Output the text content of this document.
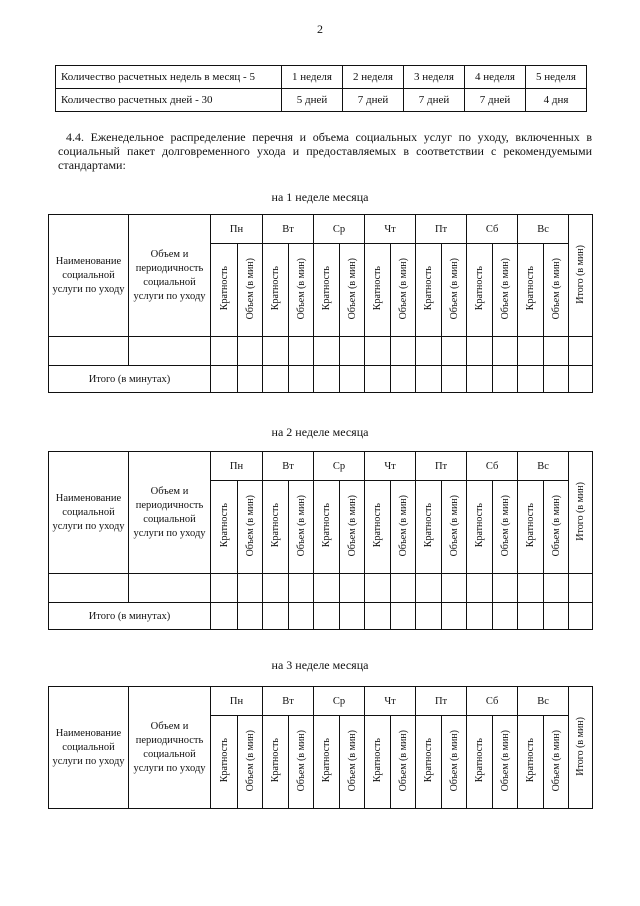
2
Количество расчетных недель в месяц - 5	1 неделя	2 неделя	3 неделя	4 неделя	5 неделя
Количество расчетных дней - 30	5 дней	7 дней	7 дней	7 дней	4 дня
4.4. Еженедельное распределение перечня и объема социальных услуг по уходу, включенных в социальный пакет долговременного ухода и предоставляемых в соответствии с рекомендуемыми стандартами:
на 1 неделе месяца
Наименование социальной услуги по уходу	Объем и периодичность социальной услуги по уходу	Пн		Вт		Ср		Чт		Пт		Сб		Вс		Итого (в мин)
		Кратность	Объем (в мин)	Кратность	Объем (в мин)	Кратность	Объем (в мин)	Кратность	Объем (в мин)	Кратность	Объем (в мин)	Кратность	Объем (в мин)	Кратность	Объем (в мин)	

Итого (в минутах)																
на 2 неделе месяца
Наименование социальной услуги по уходу	Объем и периодичность социальной услуги по уходу	Пн		Вт		Ср		Чт		Пт		Сб		Вс		Итого (в мин)
		Кратность	Объем (в мин)	Кратность	Объем (в мин)	Кратность	Объем (в мин)	Кратность	Объем (в мин)	Кратность	Объем (в мин)	Кратность	Объем (в мин)	Кратность	Объем (в мин)	

Итого (в минутах)																
на 3 неделе месяца
Наименование социальной услуги по уходу	Объем и периодичность социальной услуги по уходу	Пн		Вт		Ср		Чт		Пт		Сб		Вс		Итого (в мин)
		Кратность	Объем (в мин)	Кратность	Объем (в мин)	Кратность	Объем (в мин)	Кратность	Объем (в мин)	Кратность	Объем (в мин)	Кратность	Объем (в мин)	Кратность	Объем (в мин)	
